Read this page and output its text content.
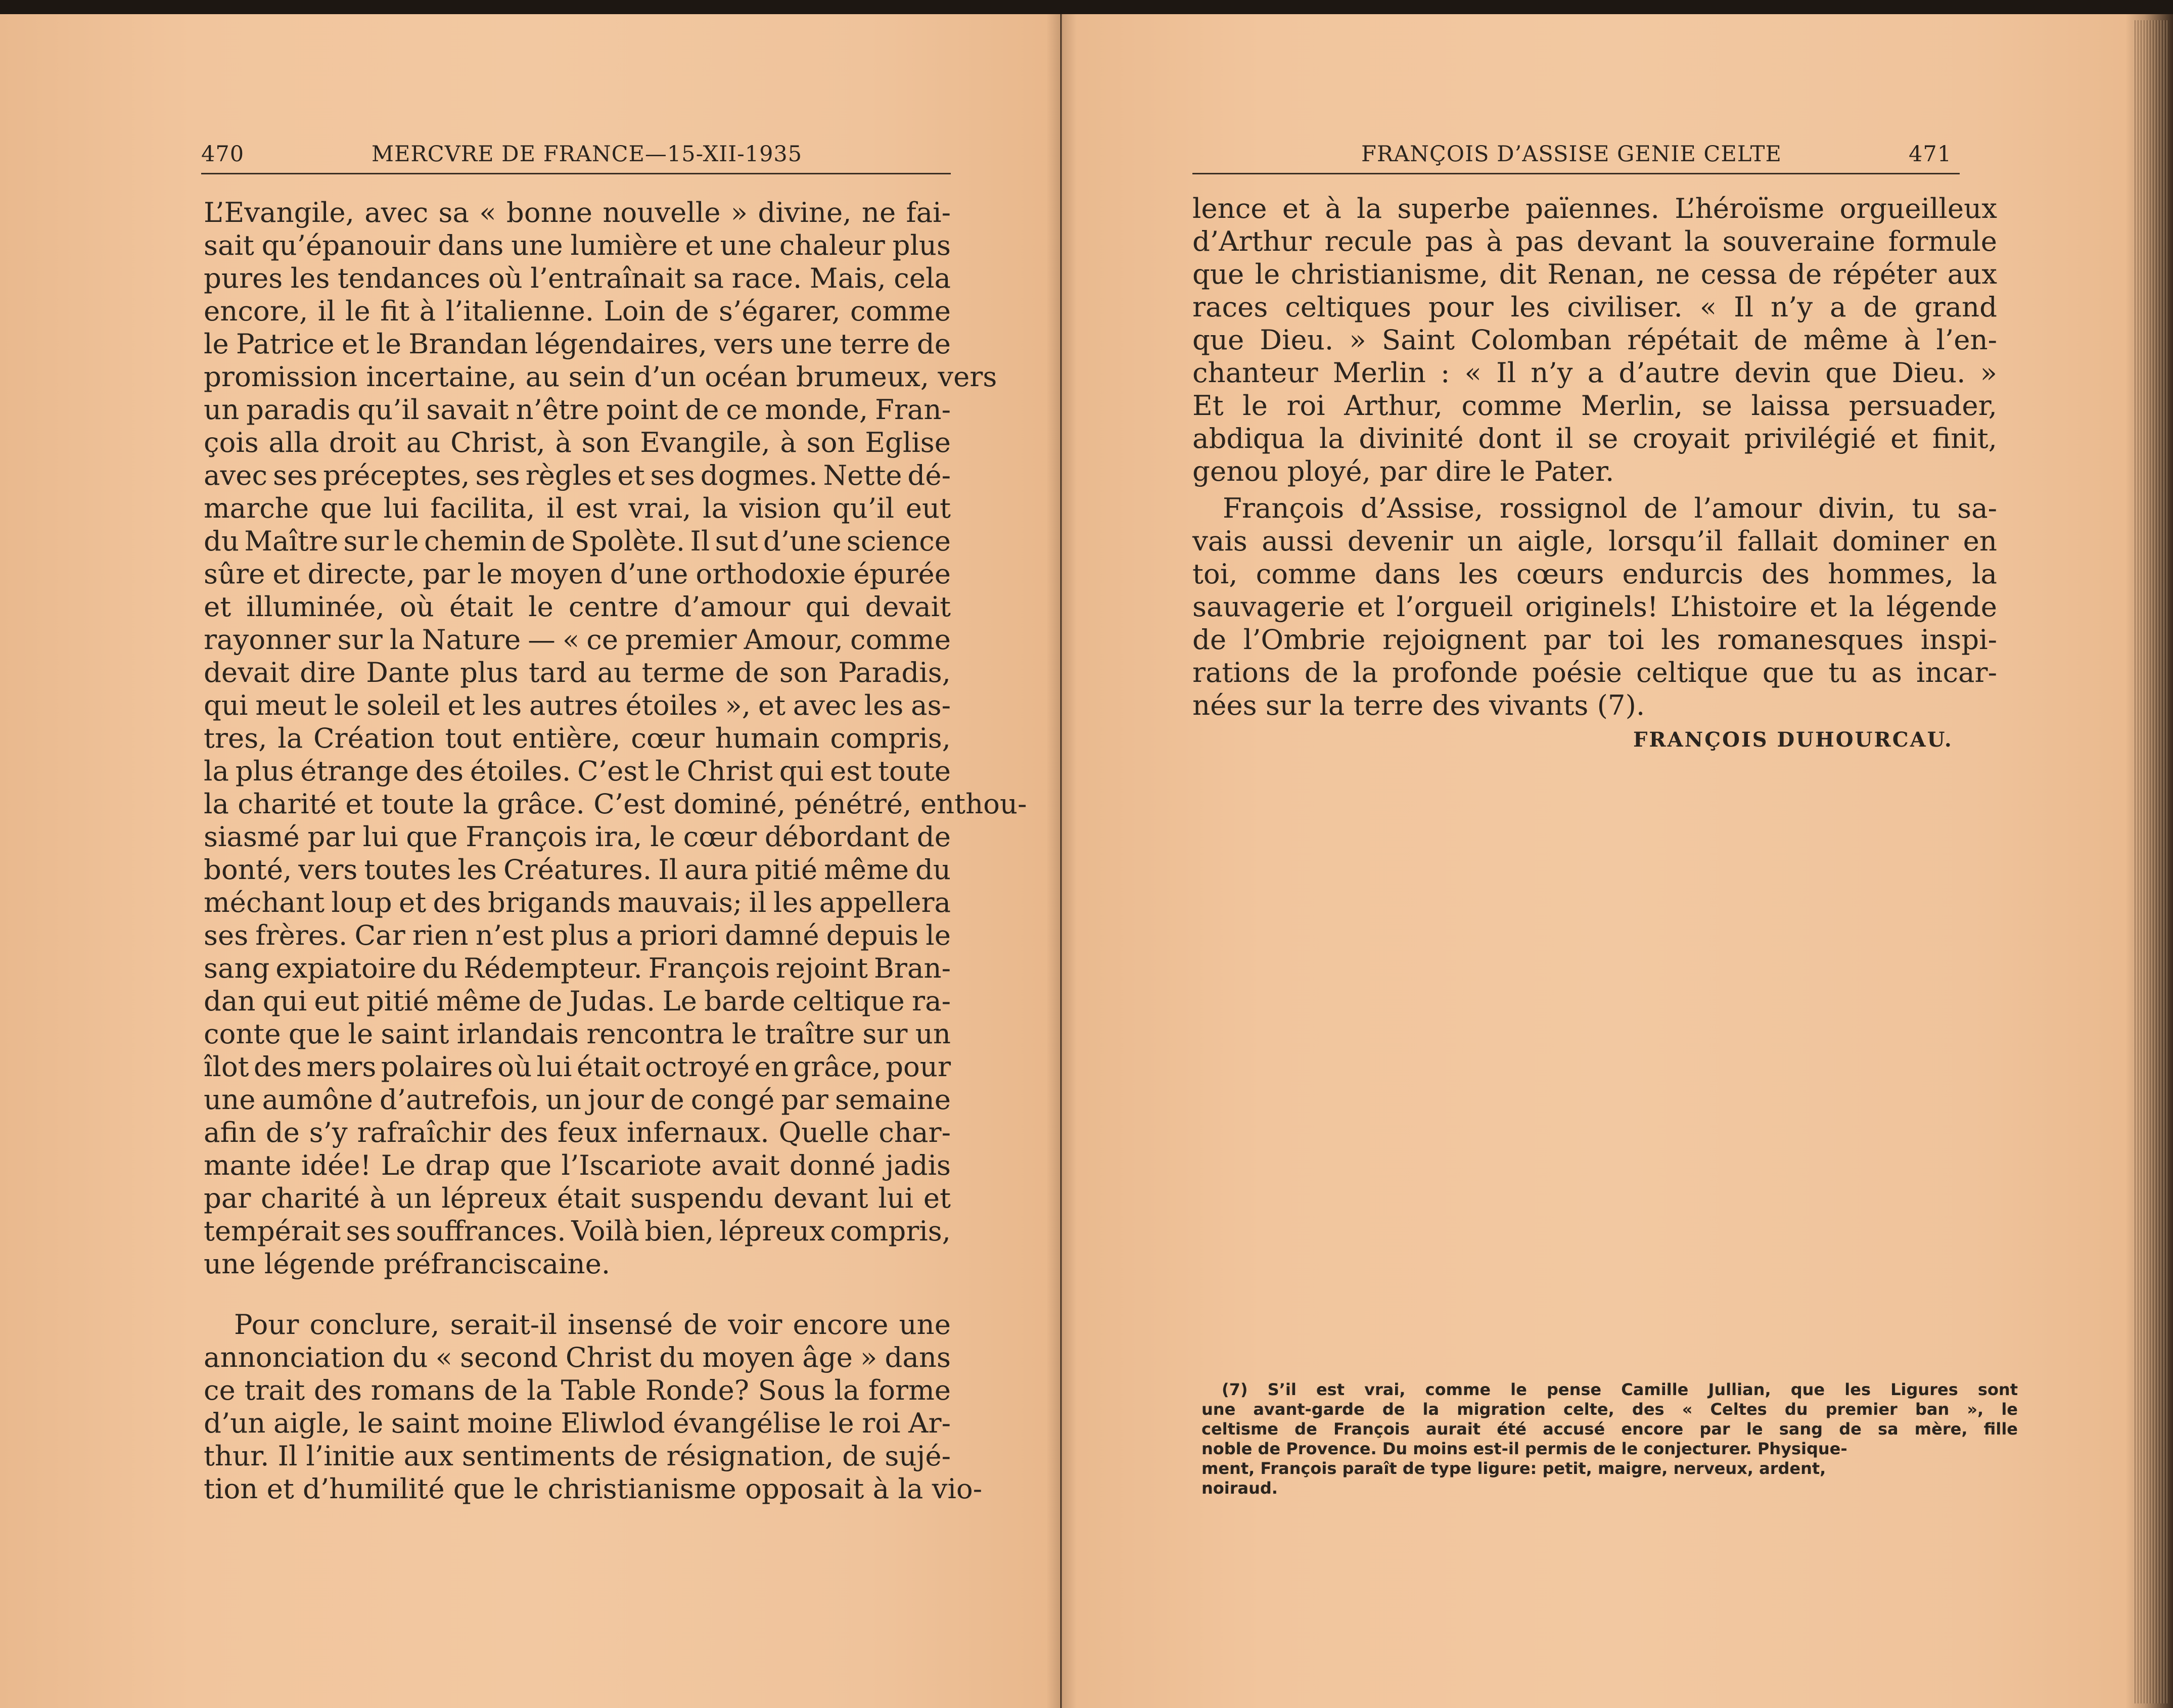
470	MERCVRE DE FRANCE—15-XII-1935
L’Evangile, avec sa « bonne nouvelle » divine, ne fai-
sait qu’épanouir dans une lumière et une chaleur plus
pures les tendances où l’entraînait sa race. Mais, cela
encore, il le fit à l’italienne. Loin de s’égarer, comme
le Patrice et le Brandan légendaires, vers une terre de
promission incertaine, au sein d’un océan brumeux, vers
un paradis qu’il savait n’être point de ce monde, Fran-
çois alla droit au Christ, à son Evangile, à son Eglise
avec ses préceptes, ses règles et ses dogmes. Nette dé-
marche que lui facilita, il est vrai, la vision qu’il eut
du Maître sur le chemin de Spolète. Il sut d’une science
sûre et directe, par le moyen d’une orthodoxie épurée
et illuminée, où était le centre d’amour qui devait
rayonner sur la Nature — « ce premier Amour, comme
devait dire Dante plus tard au terme de son Paradis,
qui meut le soleil et les autres étoiles », et avec les as-
tres, la Création tout entière, cœur humain compris,
la plus étrange des étoiles. C’est le Christ qui est toute
la charité et toute la grâce. C’est dominé, pénétré, enthou-
siasmé par lui que François ira, le cœur débordant de
bonté, vers toutes les Créatures. Il aura pitié même du
méchant loup et des brigands mauvais; il les appellera
ses frères. Car rien n’est plus a priori damné depuis le
sang expiatoire du Rédempteur. François rejoint Bran-
dan qui eut pitié même de Judas. Le barde celtique ra-
conte que le saint irlandais rencontra le traître sur un
îlot des mers polaires où lui était octroyé en grâce, pour
une aumône d’autrefois, un jour de congé par semaine
afin de s’y rafraîchir des feux infernaux. Quelle char-
mante idée! Le drap que l’Iscariote avait donné jadis
par charité à un lépreux était suspendu devant lui et
tempérait ses souffrances. Voilà bien, lépreux compris,
une légende préfranciscaine.
Pour conclure, serait-il insensé de voir encore une
annonciation du « second Christ du moyen âge » dans
ce trait des romans de la Table Ronde? Sous la forme
d’un aigle, le saint moine Eliwlod évangélise le roi Ar-
thur. Il l’initie aux sentiments de résignation, de sujé-
tion et d’humilité que le christianisme opposait à la vio-
FRANÇOIS D’ASSISE GENIE CELTE	471
lence et à la superbe païennes. L’héroïsme orgueilleux
d’Arthur recule pas à pas devant la souveraine formule
que le christianisme, dit Renan, ne cessa de répéter aux
races celtiques pour les civiliser. « Il n’y a de grand
que Dieu. » Saint Colomban répétait de même à l’en-
chanteur Merlin : « Il n’y a d’autre devin que Dieu. »
Et le roi Arthur, comme Merlin, se laissa persuader,
abdiqua la divinité dont il se croyait privilégié et finit,
genou ployé, par dire le Pater.
François d’Assise, rossignol de l’amour divin, tu sa-
vais aussi devenir un aigle, lorsqu’il fallait dominer en
toi, comme dans les cœurs endurcis des hommes, la
sauvagerie et l’orgueil originels! L’histoire et la légende
de l’Ombrie rejoignent par toi les romanesques inspi-
rations de la profonde poésie celtique que tu as incar-
nées sur la terre des vivants (7).
FRANÇOIS DUHOURCAU.
(7) S’il est vrai, comme le pense Camille Jullian, que les Ligures sont
une avant-garde de la migration celte, des « Celtes du premier ban », le
celtisme de François aurait été accusé encore par le sang de sa mère, fille
noble de Provence. Du moins est-il permis de le conjecturer. Physique-
ment, François paraît de type ligure: petit, maigre, nerveux, ardent,
noiraud.
